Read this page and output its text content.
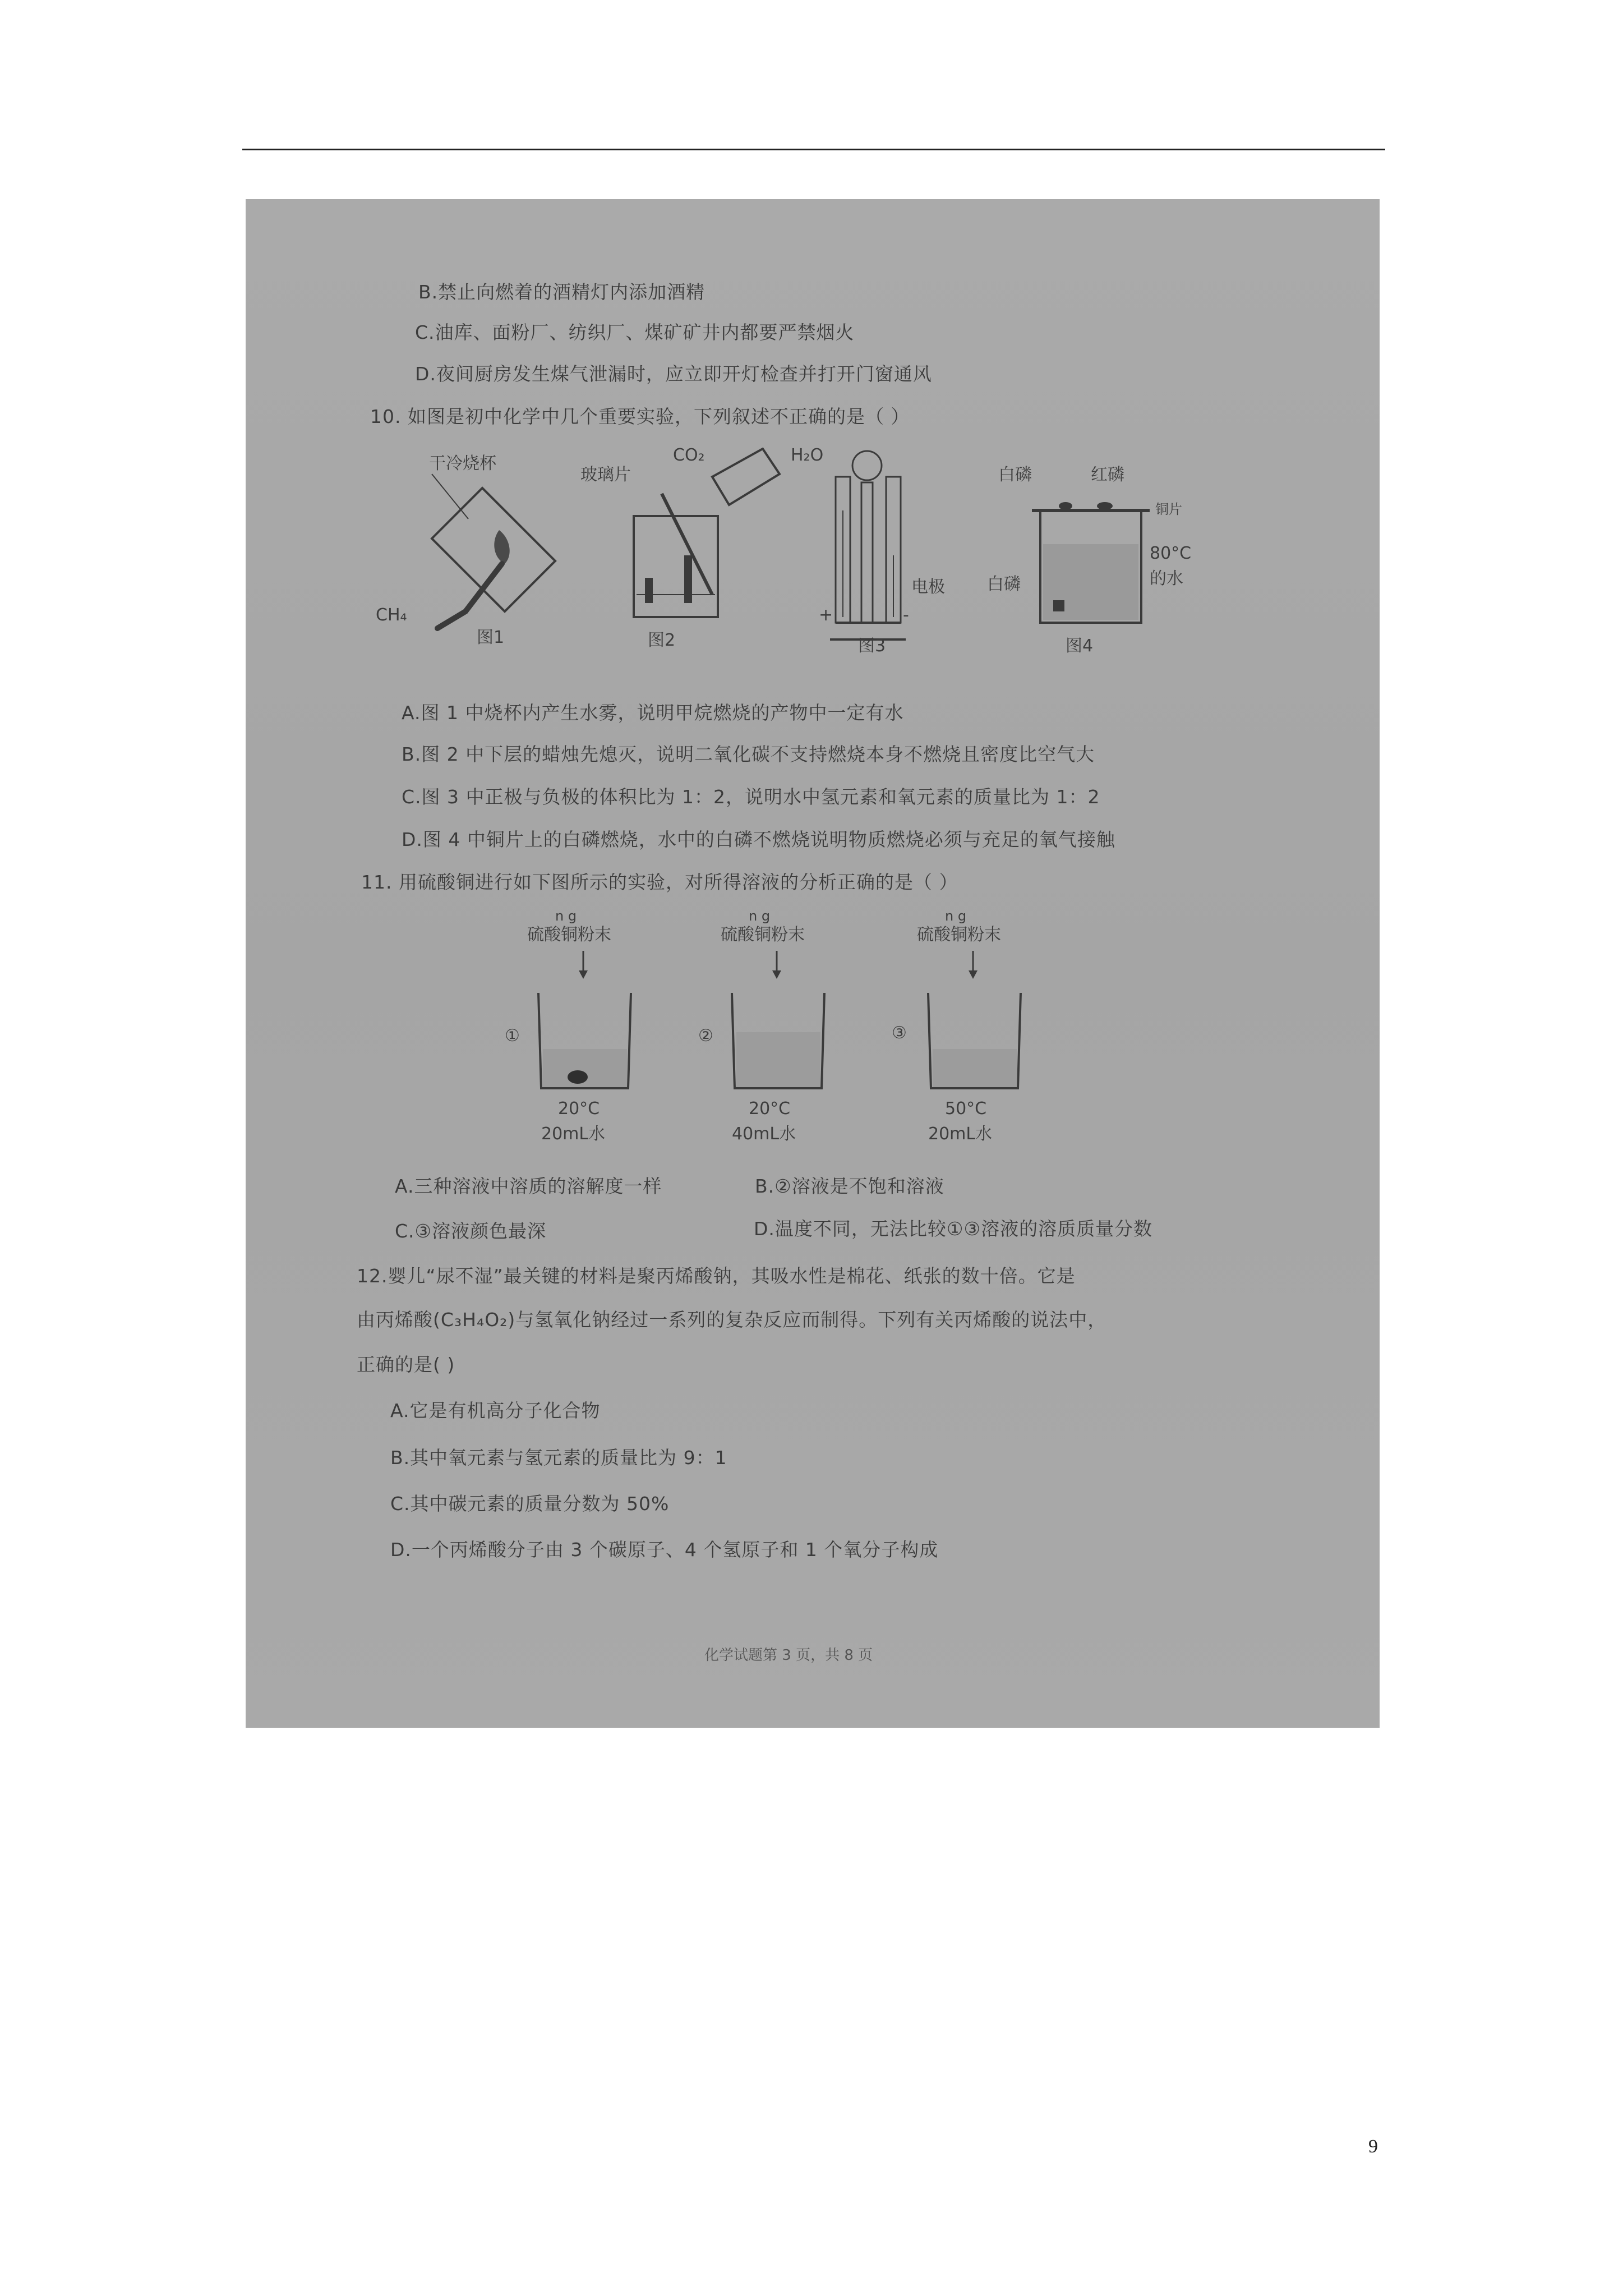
B.禁止向燃着的酒精灯内添加酒精
C.油库、面粉厂、纺织厂、煤矿矿井内都要严禁烟火
D.夜间厨房发生煤气泄漏时，应立即开灯检查并打开门窗通风
10. 如图是初中化学中几个重要实验，下列叙述不正确的是（ ）
干冷烧杯
CH₄
图1
玻璃片
CO₂
图2
H₂O
电极
+	-
图3
白磷	红磷
铜片
白磷
80°C
的水
图4
A.图 1 中烧杯内产生水雾，说明甲烷燃烧的产物中一定有水
B.图 2 中下层的蜡烛先熄灭，说明二氧化碳不支持燃烧本身不燃烧且密度比空气大
C.图 3 中正极与负极的体积比为 1：2，说明水中氢元素和氧元素的质量比为 1：2
D.图 4 中铜片上的白磷燃烧，水中的白磷不燃烧说明物质燃烧必须与充足的氧气接触
11. 用硫酸铜进行如下图所示的实验，对所得溶液的分析正确的是（ ）
n g
硫酸铜粉末
①
20°C
20mL水
n g
硫酸铜粉末
②
20°C
40mL水
n g
硫酸铜粉末
③
50°C
20mL水
A.三种溶液中溶质的溶解度一样	B.②溶液是不饱和溶液
C.③溶液颜色最深	D.温度不同，无法比较①③溶液的溶质质量分数
12.婴儿“尿不湿”最关键的材料是聚丙烯酸钠，其吸水性是棉花、纸张的数十倍。它是
由丙烯酸(C₃H₄O₂)与氢氧化钠经过一系列的复杂反应而制得。下列有关丙烯酸的说法中，
正确的是( )
A.它是有机高分子化合物
B.其中氧元素与氢元素的质量比为 9：1
C.其中碳元素的质量分数为 50%
D.一个丙烯酸分子由 3 个碳原子、4 个氢原子和 1 个氧分子构成
化学试题第 3 页，共 8 页
9
